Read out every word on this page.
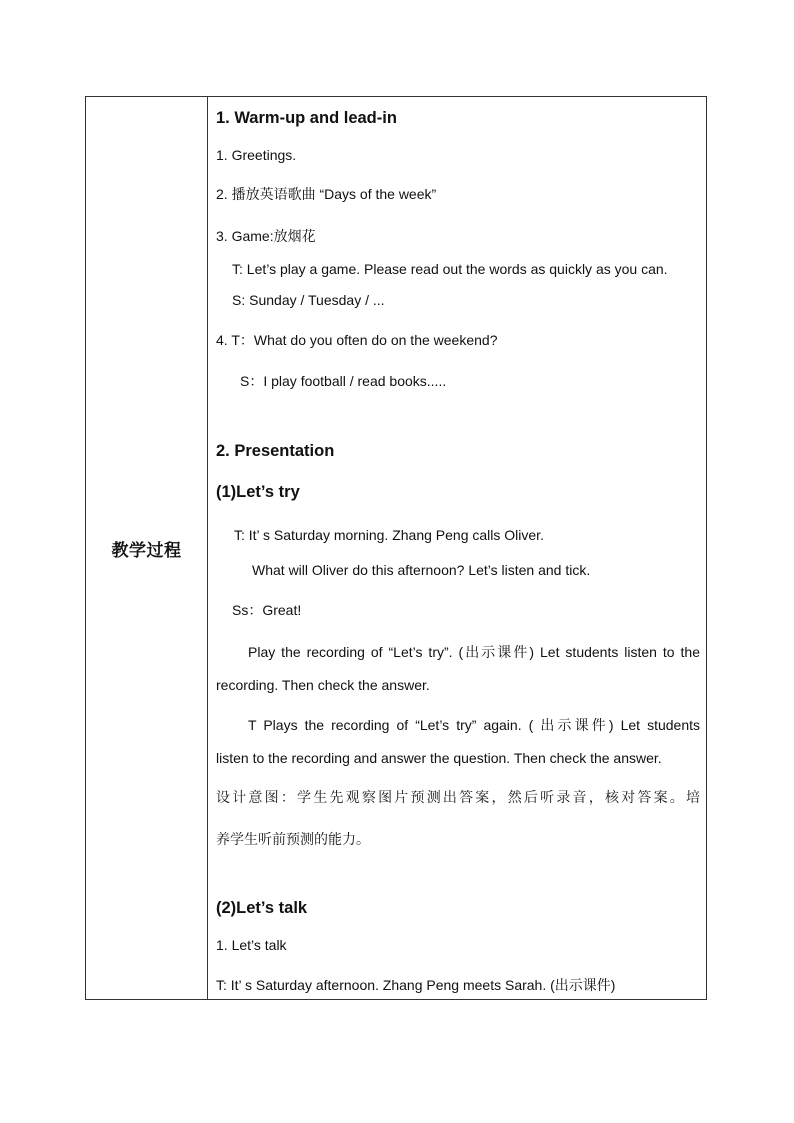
教学过程
1. Warm-up and lead-in
1. Greetings.
2. 播放英语歌曲 “Days of the week”
3. Game:放烟花
T: Let’s play a game. Please read out the words as quickly as you can.
S: Sunday / Tuesday / ...
4. T：What do you often do on the weekend?
S：I play football / read books.....
2. Presentation
(1)Let’s try
T: It’ s Saturday morning. Zhang Peng calls Oliver.
What will Oliver do this afternoon? Let’s listen and tick.
Ss：Great!
Play the recording of “Let’s try”. (出示课件) Let students listen to the
recording. Then check the answer.
T Plays the recording of “Let’s try” again. ( 出示课件) Let students
listen to the recording and answer the question. Then check the answer.
设计意图：学生先观察图片预测出答案，然后听录音，核对答案。培
养学生听前预测的能力。
(2)Let’s talk
1. Let’s talk
T: It’ s Saturday afternoon. Zhang Peng meets Sarah. (出示课件)
